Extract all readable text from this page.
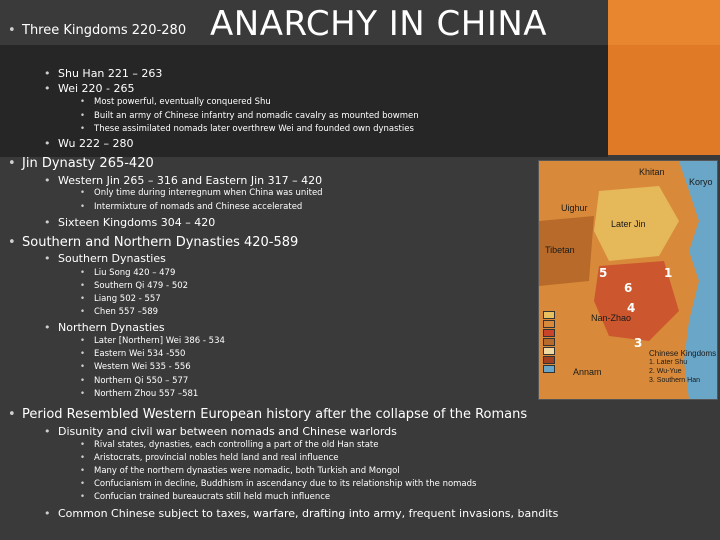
ANARCHY IN CHINA
• Three Kingdoms 220-280
• Shu Han 221 – 263
• Wei 220 - 265
• Most powerful, eventually conquered Shu
• Built an army of Chinese infantry and nomadic cavalry as mounted bowmen
• These assimilated nomads later overthrew Wei and founded own dynasties
• Wu 222 – 280
• Jin Dynasty 265-420
• Western Jin 265 – 316 and Eastern Jin 317 – 420
• Only time during interregnum when China was united
• Intermixture of nomads and Chinese accelerated
• Sixteen Kingdoms 304 – 420
• Southern and Northern Dynasties 420-589
• Southern Dynasties
• Liu Song 420 – 479
• Southern Qi 479 - 502
• Liang 502 - 557
• Chen 557 –589
• Northern Dynasties
• Later [Northern] Wei 386 - 534
• Eastern Wei 534 -550
• Western Wei 535 - 556
• Northern Qi 550 – 577
• Northern Zhou 557 –581
• Period Resembled Western European history after the collapse of the Romans
• Disunity and civil war between nomads and Chinese warlords
• Rival states, dynasties, each controlling a part of the old Han state
• Aristocrats, provincial nobles held land and real influence
• Many of the northern dynasties were nomadic, both Turkish and Mongol
• Confucianism in decline, Buddhism in ascendancy due to its relationship with the nomads
• Confucian trained bureaucrats still held much influence
• Common Chinese subject to taxes, warfare, drafting into army, frequent invasions, bandits
Khitan
Koryo
Uighur
Later Jin
Tibetan
Nan-Zhao
Annam
Chinese Kingdoms
1. Later Shu
2. Wu-Yue
3. Southern Han
5	1
6
4
3
